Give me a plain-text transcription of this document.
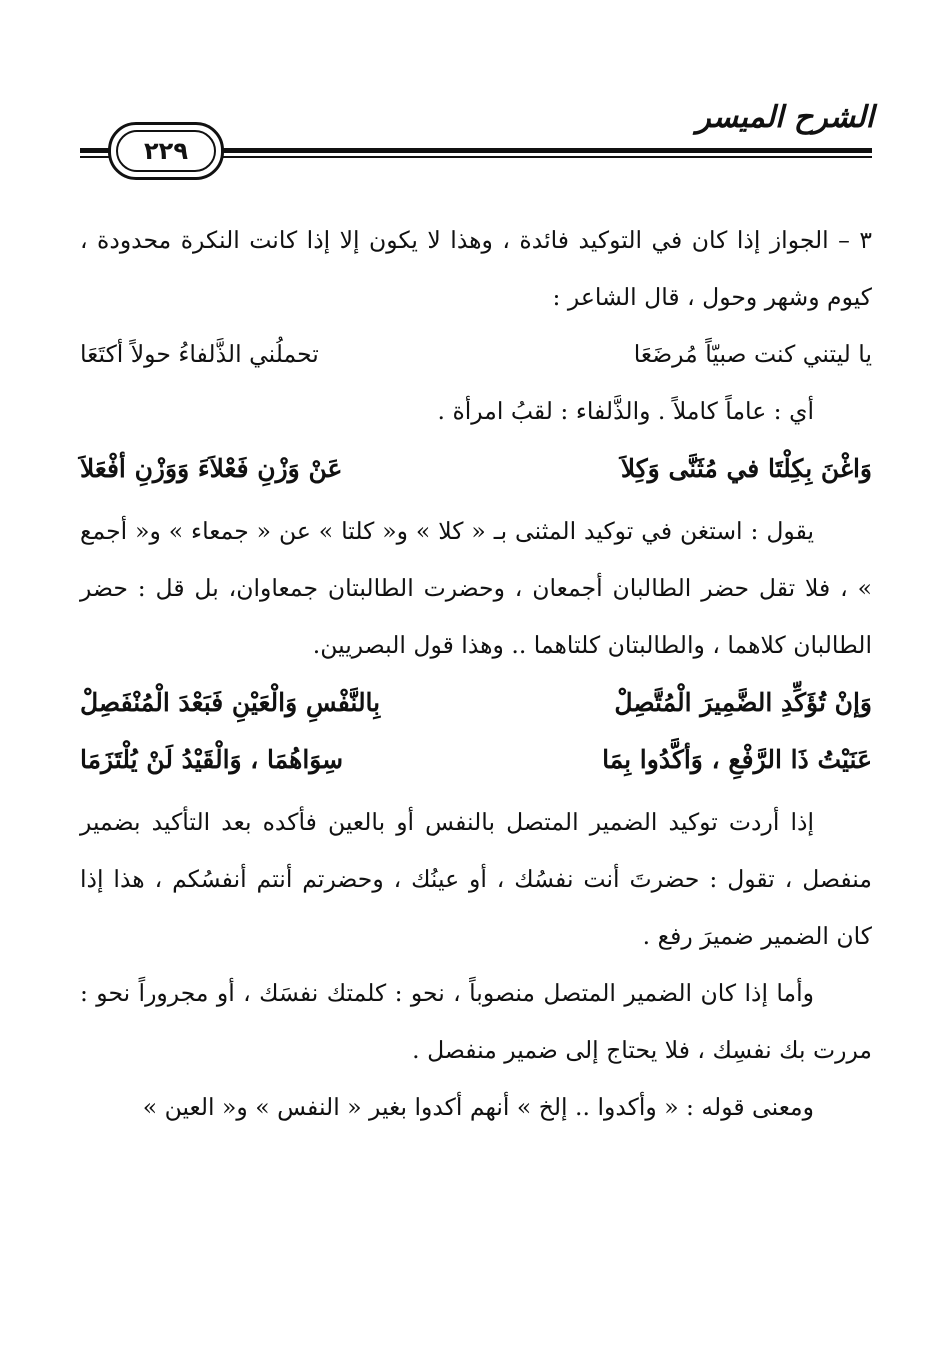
الشرح الميسر
٢٢٩

٣ – الجواز إذا كان في التوكيد فائدة ، وهذا لا يكون إلا إذا كانت النكرة محدودة ، كيوم وشهر وحول ، قال الشاعر :

يا ليتني كنت صبيّاً مُرضَعَا
تحملُني الذَّلفاءُ حولاً أكتَعَا

أي : عاماً كاملاً . والذَّلفاء : لقبُ امرأة .

وَاغْنَ بِكِلْتَا في مُثَنَّى وَكِلاَ
عَنْ وَزْنِ فَعْلاَءَ وَوَزْنِ أفْعَلاَ

يقول : استغن في توكيد المثنى بـ « كلا » و« كلتا » عن « جمعاء » و« أجمع » ، فلا تقل حضر الطالبان أجمعان ، وحضرت الطالبتان جمعاوان، بل قل : حضر الطالبان كلاهما ، والطالبتان كلتاهما .. وهذا قول البصريين.

وَإنْ تُؤَكِّدِ الضَّمِيرَ الْمُتَّصِلْ
بِالنَّفْسِ وَالْعَيْنِ فَبَعْدَ الْمُنْفَصِلْ
عَنَيْتُ ذَا الرَّفْعِ ، وَأكَّدُوا بِمَا
سِوَاهُمَا ، وَالْقَيْدُ لَنْ يُلْتَزَمَا

إذا أردت توكيد الضمير المتصل بالنفس أو بالعين فأكده بعد التأكيد بضمير منفصل ، تقول : حضرتَ أنت نفسُك ، أو عينُك ، وحضرتم أنتم أنفسُكم ، هذا إذا كان الضمير ضميرَ رفع .

وأما إذا كان الضمير المتصل منصوباً ، نحو : كلمتك نفسَك ، أو مجروراً نحو : مررت بك نفسِك ، فلا يحتاج إلى ضمير منفصل .

ومعنى قوله : « وأكدوا .. إلخ » أنهم أكدوا بغير « النفس » و« العين »
